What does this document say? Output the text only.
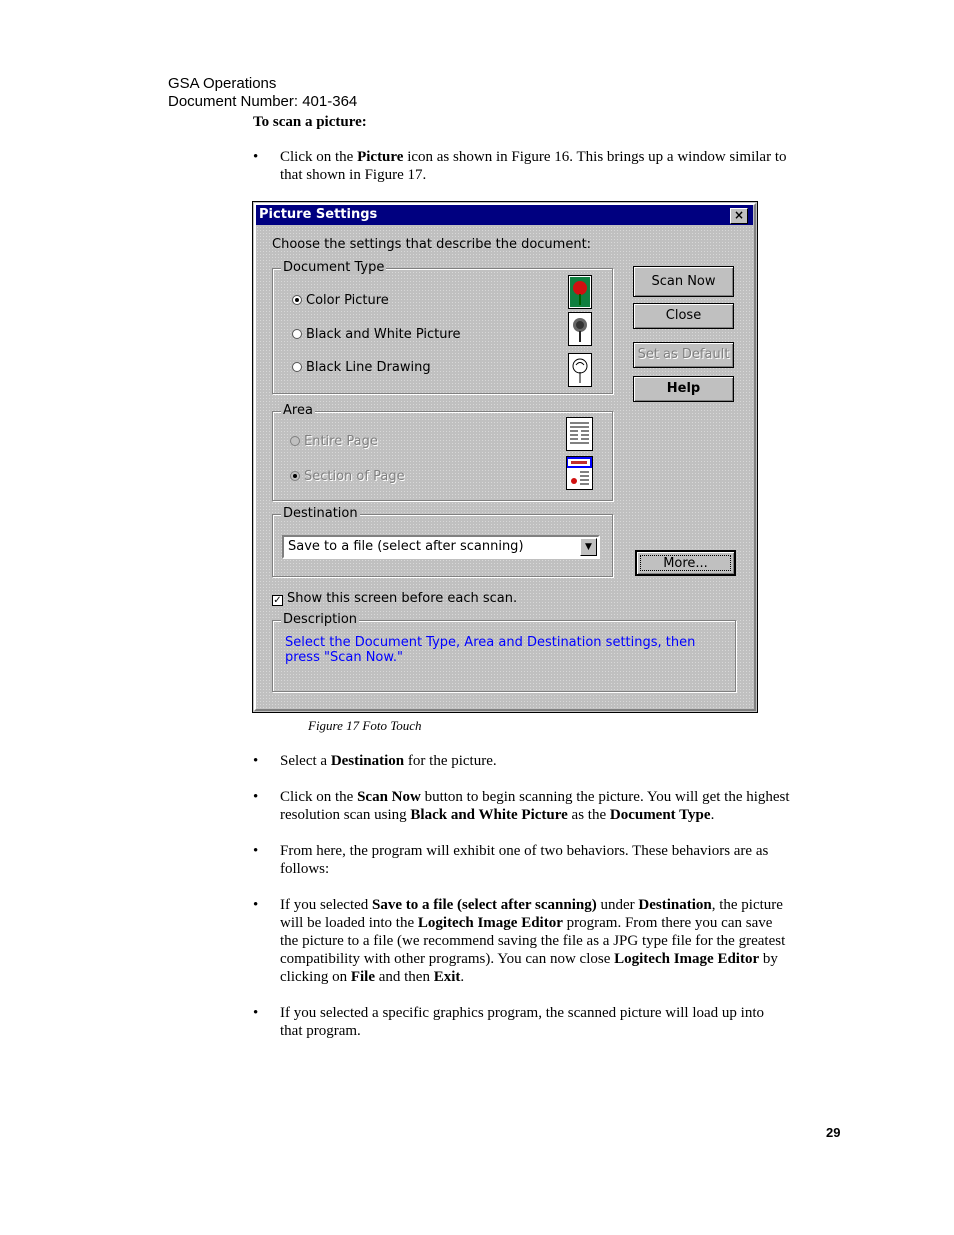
GSA Operations
Document Number: 401-364
To scan a picture:
• Click on the Picture icon as shown in Figure 16. This brings up a window similar to that shown in Figure 17.
Picture Settings	×
Choose the settings that describe the document:
Document Type
Color Picture
Black and White Picture
Black Line Drawing
Area
Entire Page
Section of Page
Destination
Save to a file (select after scanning)	▼
Scan Now
Close
Set as Default
Help
More...
✓ Show this screen before each scan.
Description
Select the Document Type, Area and Destination settings, then press "Scan Now."
Figure 17 Foto Touch
• Select a Destination for the picture.
• Click on the Scan Now button to begin scanning the picture. You will get the highest resolution scan using Black and White Picture as the Document Type.
• From here, the program will exhibit one of two behaviors. These behaviors are as follows:
• If you selected Save to a file (select after scanning) under Destination, the picture will be loaded into the Logitech Image Editor program. From there you can save the picture to a file (we recommend saving the file as a JPG type file for the greatest compatibility with other programs). You can now close Logitech Image Editor by clicking on File and then Exit.
• If you selected a specific graphics program, the scanned picture will load up into that program.
29
